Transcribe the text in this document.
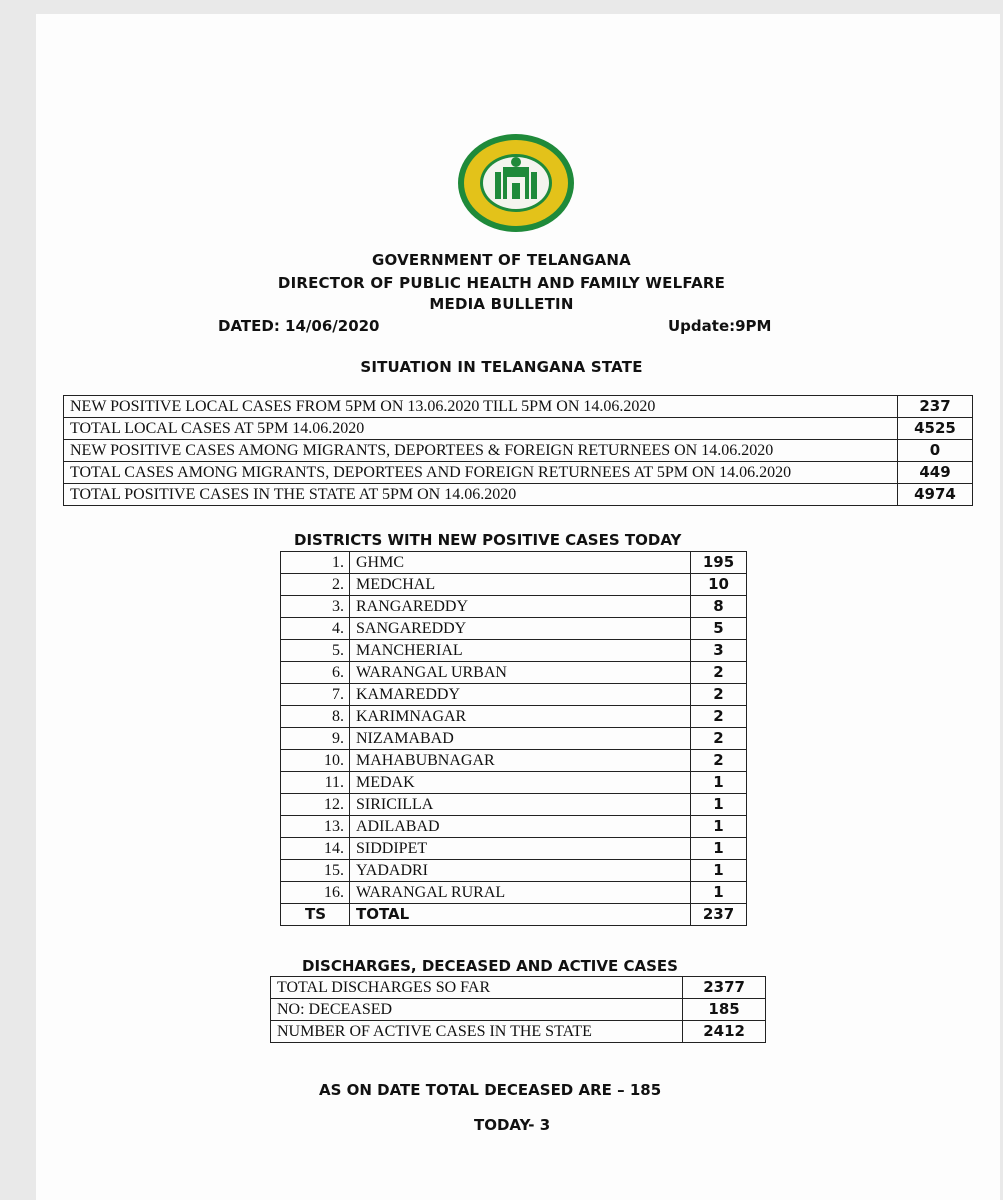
GOVERNMENT OF TELANGANA
DIRECTOR OF PUBLIC HEALTH AND FAMILY WELFARE
MEDIA BULLETIN
DATED: 14/06/2020	Update:9PM
SITUATION IN TELANGANA STATE
NEW POSITIVE LOCAL CASES FROM 5PM ON 13.06.2020 TILL 5PM ON 14.06.2020	237
TOTAL LOCAL CASES AT 5PM 14.06.2020	4525
NEW POSITIVE CASES AMONG MIGRANTS, DEPORTEES & FOREIGN RETURNEES ON 14.06.2020	0
TOTAL CASES AMONG MIGRANTS, DEPORTEES AND FOREIGN RETURNEES AT 5PM ON 14.06.2020	449
TOTAL POSITIVE CASES IN THE STATE AT 5PM ON 14.06.2020	4974
DISTRICTS WITH NEW POSITIVE CASES TODAY
1.	GHMC	195
2.	MEDCHAL	10
3.	RANGAREDDY	8
4.	SANGAREDDY	5
5.	MANCHERIAL	3
6.	WARANGAL URBAN	2
7.	KAMAREDDY	2
8.	KARIMNAGAR	2
9.	NIZAMABAD	2
10.	MAHABUBNAGAR	2
11.	MEDAK	1
12.	SIRICILLA	1
13.	ADILABAD	1
14.	SIDDIPET	1
15.	YADADRI	1
16.	WARANGAL RURAL	1
TS	TOTAL	237
DISCHARGES, DECEASED AND ACTIVE CASES
TOTAL DISCHARGES SO FAR	2377
NO: DECEASED	185
NUMBER OF ACTIVE CASES IN THE STATE	2412
AS ON DATE TOTAL DECEASED ARE – 185
TODAY- 3
